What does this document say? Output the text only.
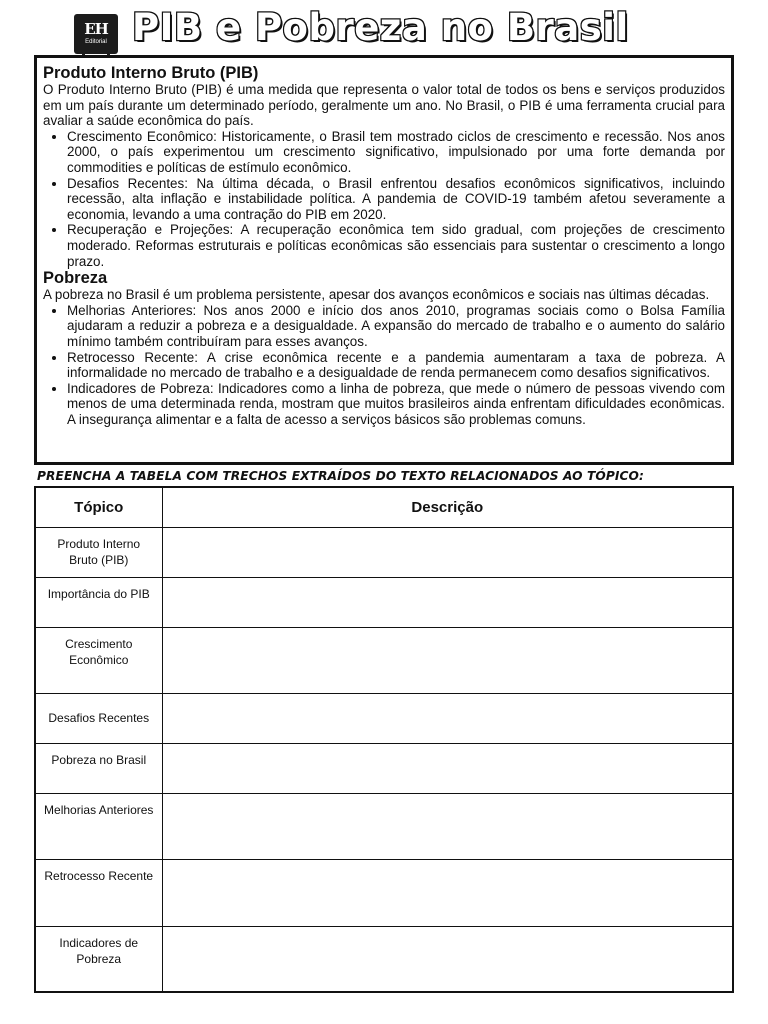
EH
Editorial PIB e Pobreza no Brasil
Produto Interno Bruto (PIB)

O Produto Interno Bruto (PIB) é uma medida que representa o valor total de todos os bens e serviços produzidos em um país durante um determinado período, geralmente um ano. No Brasil, o PIB é uma ferramenta crucial para avaliar a saúde econômica do país.

• Crescimento Econômico: Historicamente, o Brasil tem mostrado ciclos de crescimento e recessão. Nos anos 2000, o país experimentou um crescimento significativo, impulsionado por uma forte demanda por commodities e políticas de estímulo econômico.
• Desafios Recentes: Na última década, o Brasil enfrentou desafios econômicos significativos, incluindo recessão, alta inflação e instabilidade política. A pandemia de COVID-19 também afetou severamente a economia, levando a uma contração do PIB em 2020.
• Recuperação e Projeções: A recuperação econômica tem sido gradual, com projeções de crescimento moderado. Reformas estruturais e políticas econômicas são essenciais para sustentar o crescimento a longo prazo.
Pobreza

A pobreza no Brasil é um problema persistente, apesar dos avanços econômicos e sociais nas últimas décadas.

• Melhorias Anteriores: Nos anos 2000 e início dos anos 2010, programas sociais como o Bolsa Família ajudaram a reduzir a pobreza e a desigualdade. A expansão do mercado de trabalho e o aumento do salário mínimo também contribuíram para esses avanços.
• Retrocesso Recente: A crise econômica recente e a pandemia aumentaram a taxa de pobreza. A informalidade no mercado de trabalho e a desigualdade de renda permanecem como desafios significativos.
• Indicadores de Pobreza: Indicadores como a linha de pobreza, que mede o número de pessoas vivendo com menos de uma determinada renda, mostram que muitos brasileiros ainda enfrentam dificuldades econômicas. A insegurança alimentar e a falta de acesso a serviços básicos são problemas comuns.
PREENCHA A TABELA COM TRECHOS EXTRAÍDOS DO TEXTO RELACIONADOS AO TÓPICO:
Tópico	Descrição
Produto Interno Bruto (PIB)	
Importância do PIB	
Crescimento Econômico	
Desafios Recentes	
Pobreza no Brasil	
Melhorias Anteriores	
Retrocesso Recente	
Indicadores de Pobreza	
